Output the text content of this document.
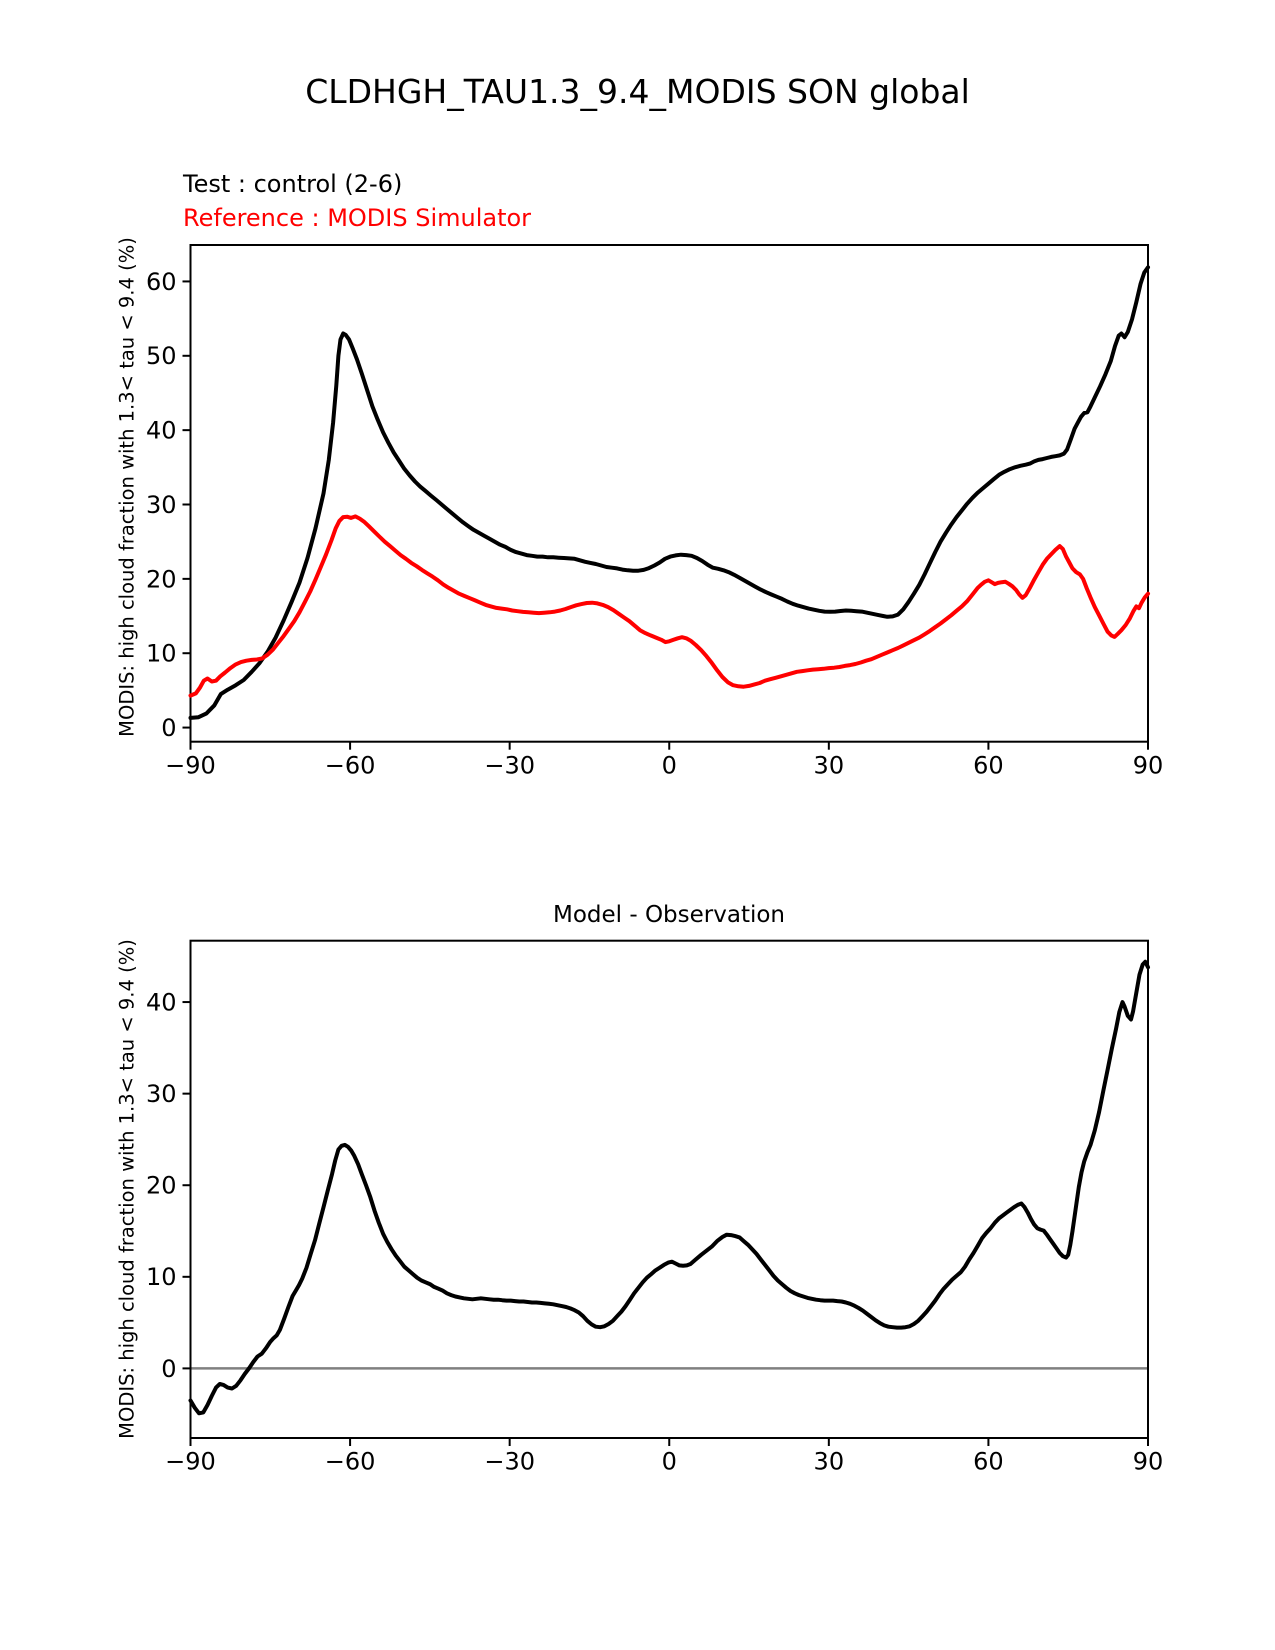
−90	−60	−30	0	30	60	90
0
10
20
30
40
50
60
−90	−60	−30	0	30	60	90
0
10
20
30
40
CLDHGH_TAU1.3_9.4_MODIS SON global
Test : control (2-6)
Reference : MODIS Simulator
MODIS: high cloud fraction with 1.3< tau < 9.4 (%)
MODIS: high cloud fraction with 1.3< tau < 9.4 (%)
Model - Observation
